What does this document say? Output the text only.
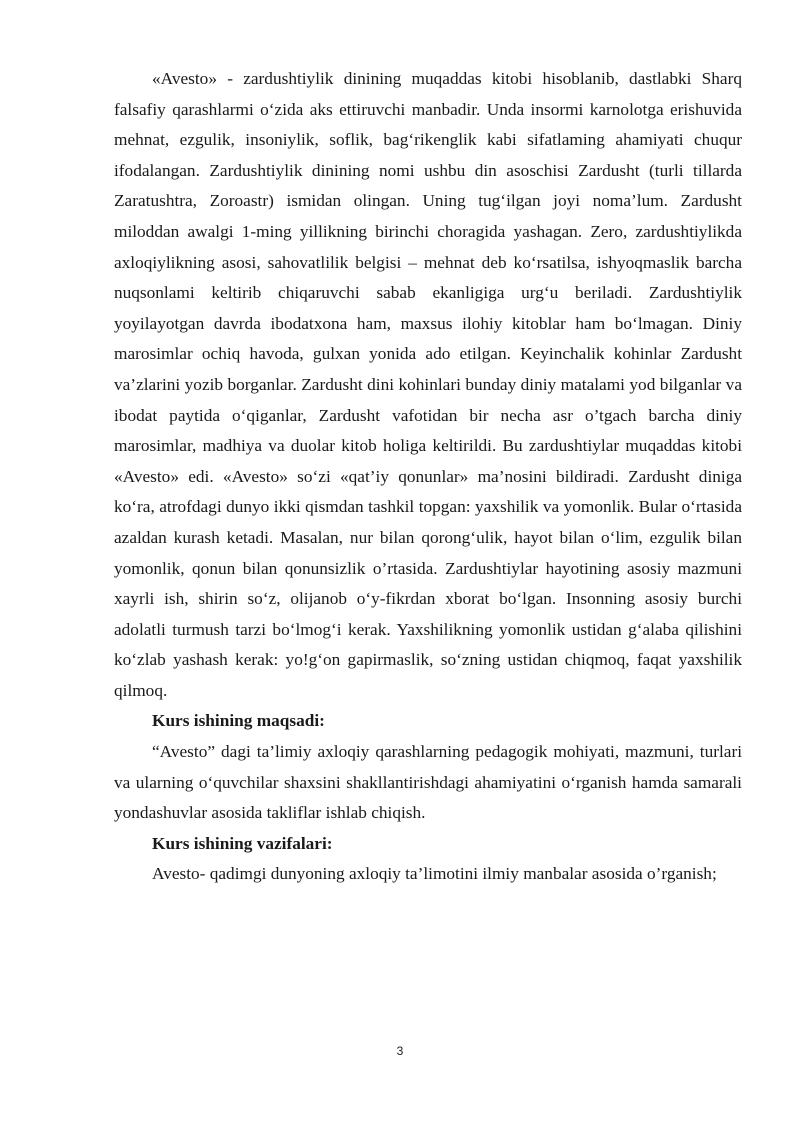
«Avesto» - zardushtiylik dinining muqaddas kitobi hisoblanib, dastlabki Sharq falsafiy qarashlarmi o‘zida aks ettiruvchi manbadir. Unda insormi karnolotga erishuvida mehnat, ezgulik, insoniylik, soflik, bag‘rikenglik kabi sifatlaming ahamiyati chuqur ifodalangan. Zardushtiylik dinining nomi ushbu din asoschisi Zardusht (turli tillarda Zaratushtra, Zoroastr) ismidan olingan. Uning tug‘ilgan joyi noma’lum. Zardusht miloddan awalgi 1-ming yillikning birinchi choragida yashagan. Zero, zardushtiylikda axloqiylikning asosi, sahovatlilik belgisi – mehnat deb ko‘rsatilsa, ishyoqmaslik barcha nuqsonlami keltirib chiqaruvchi sabab ekanligiga urg‘u beriladi. Zardushtiylik yoyilayotgan davrda ibodatxona ham, maxsus ilohiy kitoblar ham bo‘lmagan. Diniy marosimlar ochiq havoda, gulxan yonida ado etilgan. Keyinchalik kohinlar Zardusht va’zlarini yozib borganlar. Zardusht dini kohinlari bunday diniy matalami yod bilganlar va ibodat paytida o‘qiganlar, Zardusht vafotidan bir necha asr o’tgach barcha diniy marosimlar, madhiya va duolar kitob holiga keltirildi. Bu zardushtiylar muqaddas kitobi «Avesto» edi. «Avesto» so‘zi «qat’iy qonunlar» ma’nosini bildiradi. Zardusht diniga ko‘ra, atrofdagi dunyo ikki qismdan tashkil topgan: yaxshilik va yomonlik. Bular o‘rtasida azaldan kurash ketadi. Masalan, nur bilan qorong‘ulik, hayot bilan o‘lim, ezgulik bilan yomonlik, qonun bilan qonunsizlik o’rtasida. Zardushtiylar hayotining asosiy mazmuni xayrli ish, shirin so‘z, olijanob o‘y-fikrdan xborat bo‘lgan. Insonning asosiy burchi adolatli turmush tarzi bo‘lmog‘i kerak. Yaxshilikning yomonlik ustidan g‘alaba qilishini ko‘zlab yashash kerak: yo!g‘on gapirmaslik, so‘zning ustidan chiqmoq, faqat yaxshilik qilmoq.

Kurs ishining maqsadi:

“Avesto” dagi ta’limiy axloqiy qarashlarning pedagogik mohiyati, mazmuni, turlari va ularning o‘quvchilar shaxsini shakllantirishdagi ahamiyatini o‘rganish hamda samarali yondashuvlar asosida takliflar ishlab chiqish.

Kurs ishining vazifalari:

Avesto- qadimgi dunyoning axloqiy ta’limotini ilmiy manbalar asosida o’rganish;

3
